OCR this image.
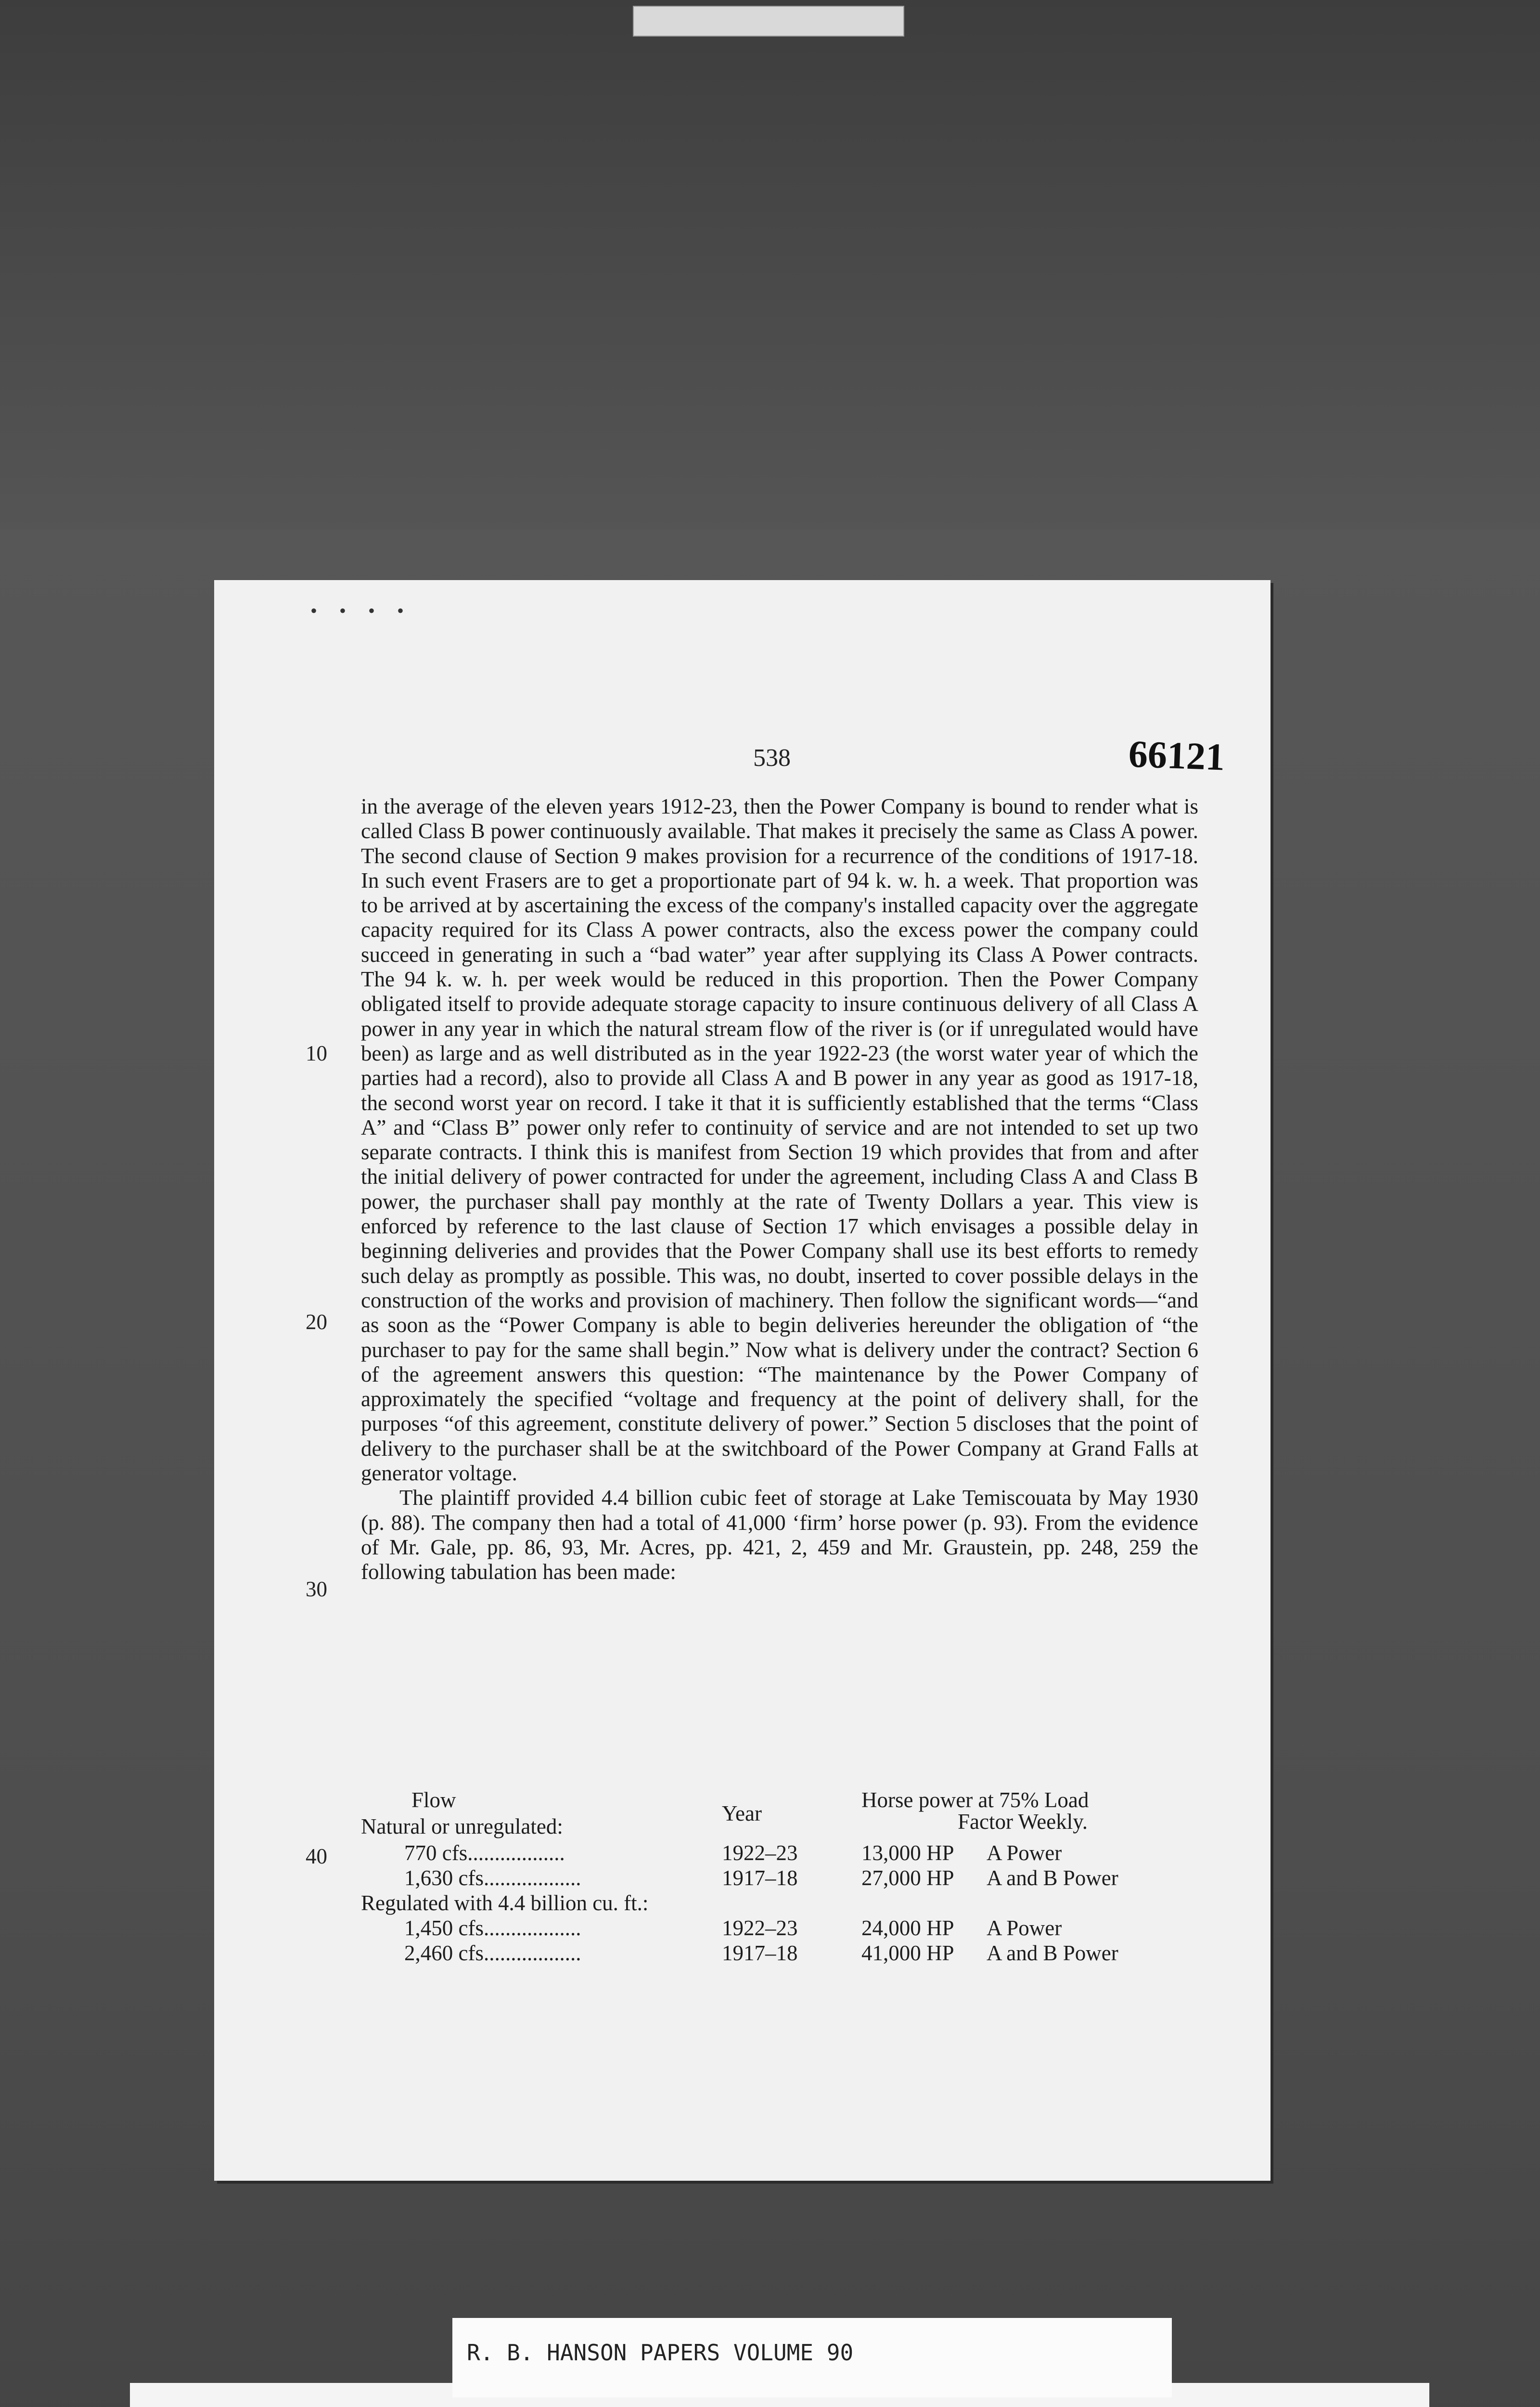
• • • •
538	66121
10
20
30
40

in the average of the eleven years 1912-23, then the Power Company is bound to render what is called Class B power continuously available. That makes it precisely the same as Class A power. The second clause of Section 9 makes provision for a recurrence of the conditions of 1917-18. In such event Frasers are to get a proportionate part of 94 k. w. h. a week. That proportion was to be arrived at by ascertaining the excess of the company's installed capacity over the aggregate capacity required for its Class A power contracts, also the excess power the company could succeed in generating in such a “bad water” year after supplying its Class A Power contracts. The 94 k. w. h. per week would be reduced in this proportion. Then the Power Company obligated itself to provide adequate storage capacity to insure continuous delivery of all Class A power in any year in which the natural stream flow of the river is (or if unregulated would have been) as large and as well distributed as in the year 1922-23 (the worst water year of which the parties had a record), also to provide all Class A and B power in any year as good as 1917-18, the second worst year on record. I take it that it is sufficiently established that the terms “Class A” and “Class B” power only refer to continuity of service and are not intended to set up two separate contracts. I think this is manifest from Section 19 which provides that from and after the initial delivery of power contracted for under the agreement, including Class A and Class B power, the purchaser shall pay monthly at the rate of Twenty Dollars a year. This view is enforced by reference to the last clause of Section 17 which envisages a possible delay in beginning deliveries and provides that the Power Company shall use its best efforts to remedy such delay as promptly as possible. This was, no doubt, inserted to cover possible delays in the construction of the works and provision of machinery. Then follow the significant words—“and as soon as the “Power Company is able to begin deliveries hereunder the obligation of “the purchaser to pay for the same shall begin.” Now what is delivery under the contract? Section 6 of the agreement answers this question: “The maintenance by the Power Company of approximately the specified “voltage and frequency at the point of delivery shall, for the purposes “of this agreement, constitute delivery of power.” Section 5 discloses that the point of delivery to the purchaser shall be at the switchboard of the Power Company at Grand Falls at generator voltage.

The plaintiff provided 4.4 billion cubic feet of storage at Lake Temiscouata by May 1930 (p. 88). The company then had a total of 41,000 ‘firm’ horse power (p. 93). From the evidence of Mr. Gale, pp. 86, 93, Mr. Acres, pp. 421, 2, 459 and Mr. Graustein, pp. 248, 259 the following tabulation has been made:

Flow
Year
Horse power at 75% Load
Factor Weekly.
Natural or unregulated:
770 cfs..................	1922–23	13,000 HP A Power
1,630 cfs..................	1917–18	27,000 HP A and B Power
Regulated with 4.4 billion cu. ft.:
1,450 cfs..................	1922–23	24,000 HP A Power
2,460 cfs..................	1917–18	41,000 HP A and B Power
R. B. HANSON PAPERS VOLUME 90
